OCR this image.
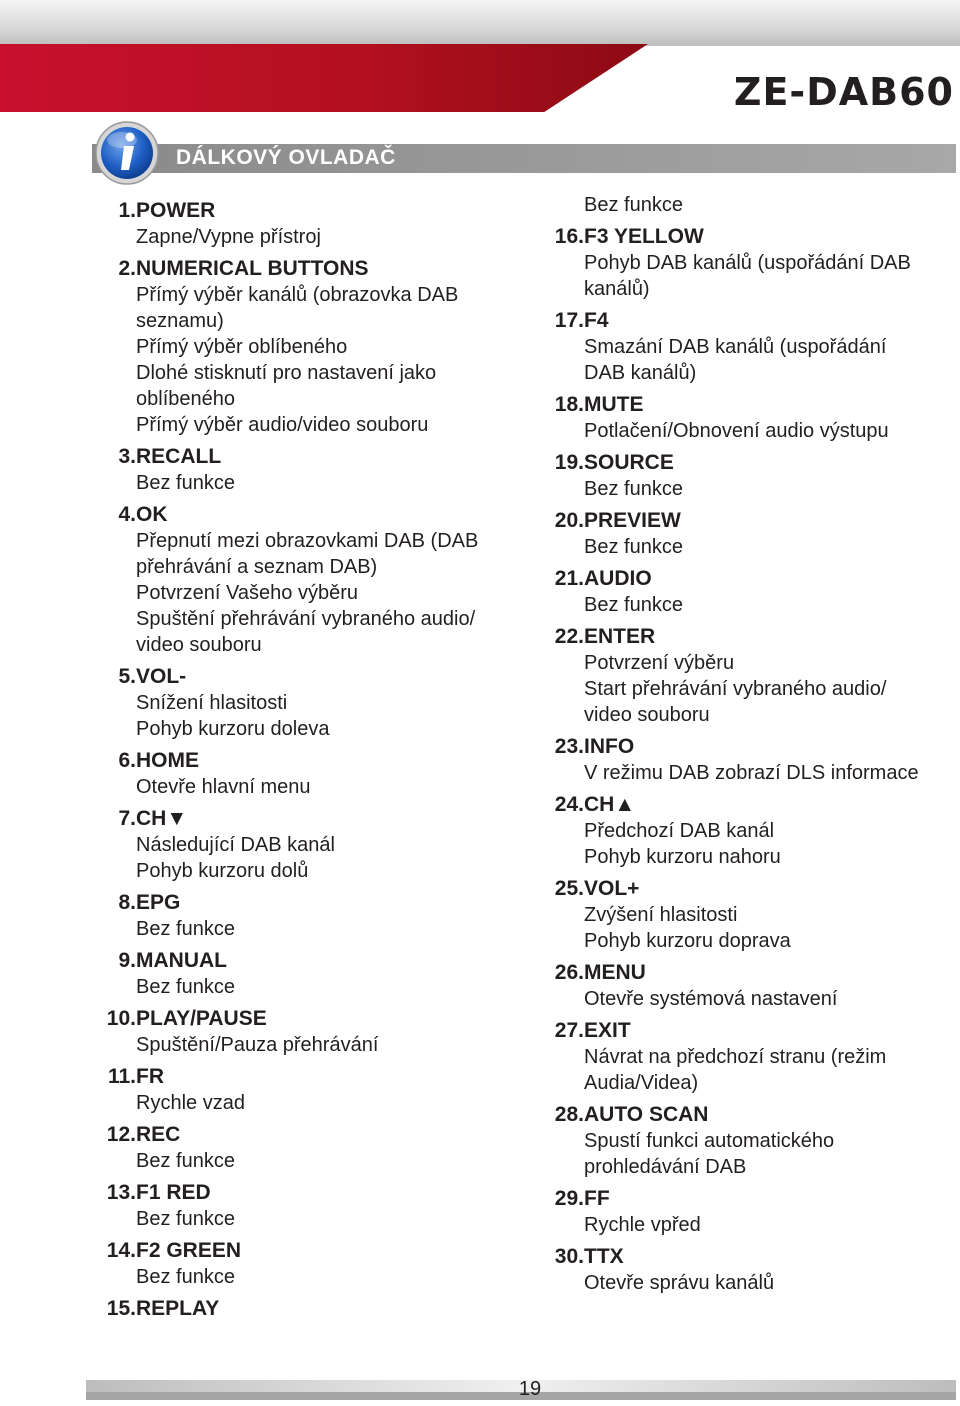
ZE-DAB60
DÁLKOVÝ OVLADAČ
1. POWER
Zapne/Vypne přístroj
2. NUMERICAL BUTTONS
Přímý výběr kanálů (obrazovka DAB
seznamu)
Přímý výběr oblíbeného
Dlohé stisknutí pro nastavení jako
oblíbeného
Přímý výběr audio/video souboru
3. RECALL
Bez funkce
4. OK
Přepnutí mezi obrazovkami DAB (DAB
přehrávání a seznam DAB)
Potvrzení Vašeho výběru
Spuštění přehrávání vybraného audio/
video souboru
5. VOL-
Snížení hlasitosti
Pohyb kurzoru doleva
6. HOME
Otevře hlavní menu
7. CH▼
Následující DAB kanál
Pohyb kurzoru dolů
8. EPG
Bez funkce
9. MANUAL
Bez funkce
10. PLAY/PAUSE
Spuštění/Pauza přehrávání
11. FR
Rychle vzad
12. REC
Bez funkce
13. F1 RED
Bez funkce
14. F2 GREEN
Bez funkce
15. REPLAY
Bez funkce
16. F3 YELLOW
Pohyb DAB kanálů (uspořádání DAB
kanálů)
17. F4
Smazání DAB kanálů (uspořádání
DAB kanálů)
18. MUTE
Potlačení/Obnovení audio výstupu
19. SOURCE
Bez funkce
20. PREVIEW
Bez funkce
21. AUDIO
Bez funkce
22. ENTER
Potvrzení výběru
Start přehrávání vybraného audio/
video souboru
23. INFO
V režimu DAB zobrazí DLS informace
24. CH▲
Předchozí DAB kanál
Pohyb kurzoru nahoru
25. VOL+
Zvýšení hlasitosti
Pohyb kurzoru doprava
26. MENU
Otevře systémová nastavení
27. EXIT
Návrat na předchozí stranu (režim
Audia/Videa)
28. AUTO SCAN
Spustí funkci automatického
prohledávání DAB
29. FF
Rychle vpřed
30. TTX
Otevře správu kanálů
19
